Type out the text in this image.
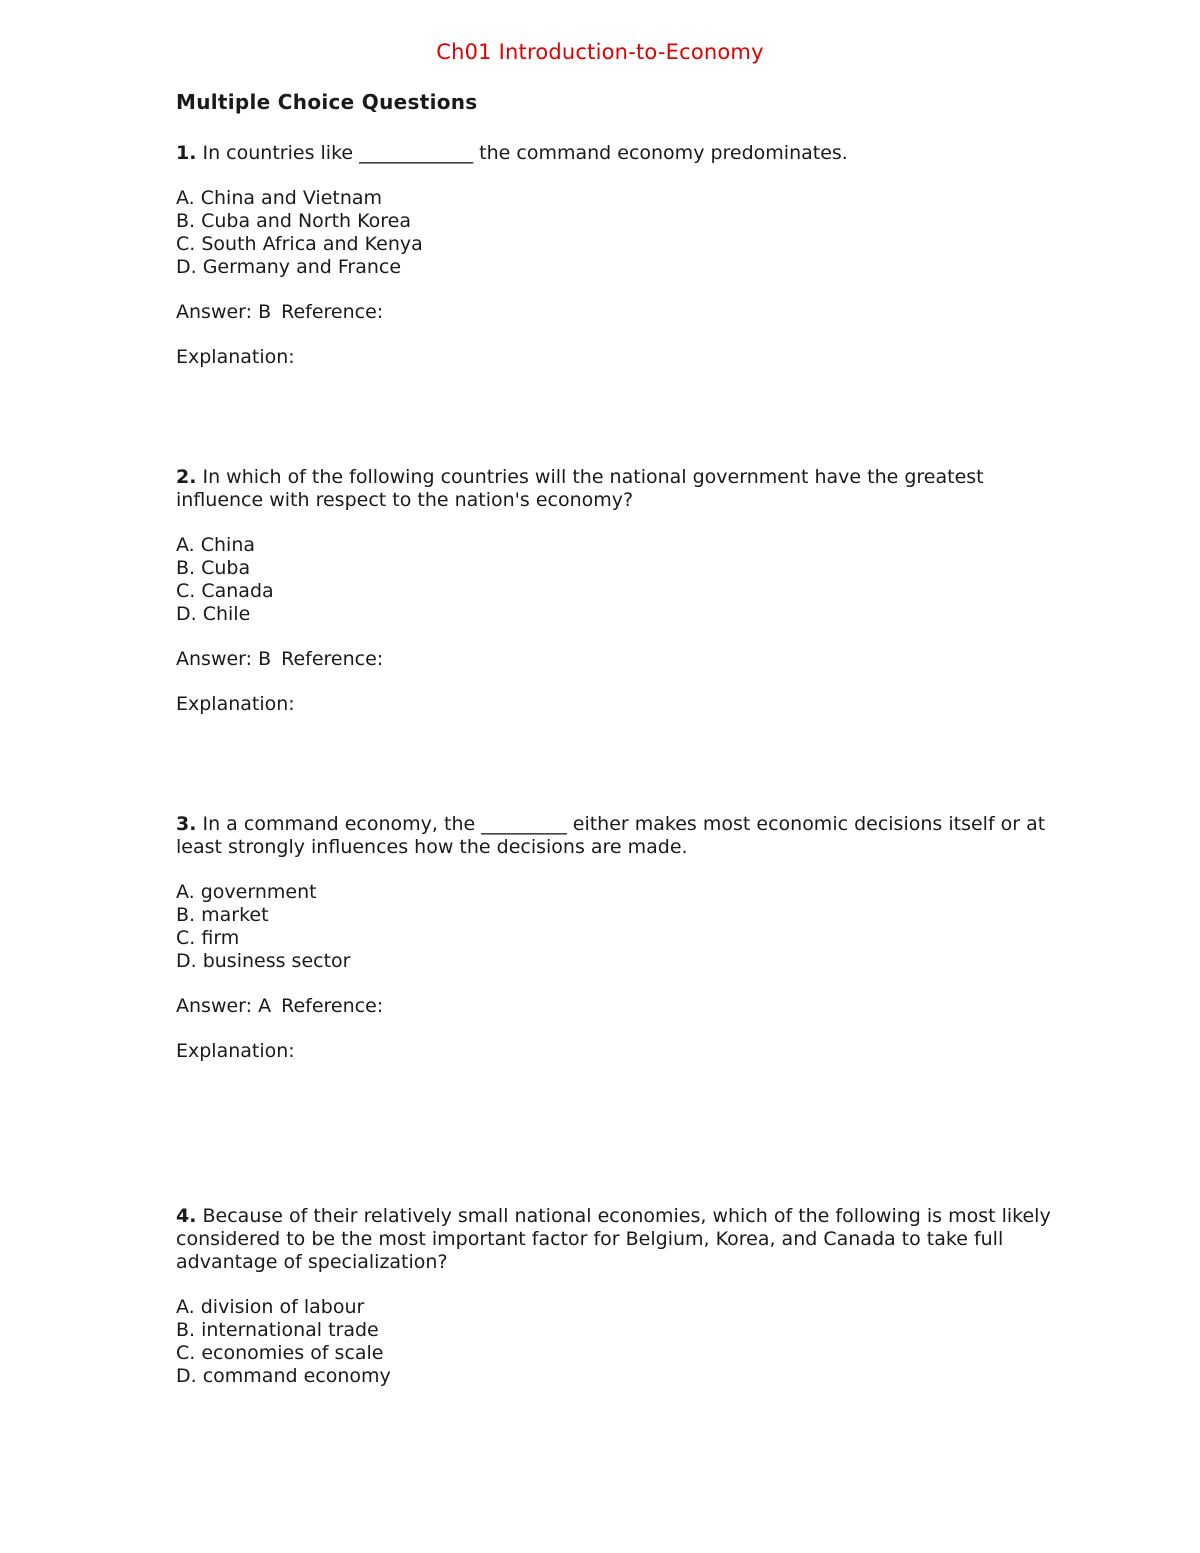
Ch01 Introduction-to-Economy
Multiple Choice Questions

1. In countries like ____________ the command economy predominates.

A. China and Vietnam
B. Cuba and North Korea
C. South Africa and Kenya
D. Germany and France
Answer: B Reference:
Explanation:

2. In which of the following countries will the national government have the greatest influence with respect to the nation's economy?

A. China
B. Cuba
C. Canada
D. Chile
Answer: B Reference:
Explanation:

3. In a command economy, the _________ either makes most economic decisions itself or at least strongly influences how the decisions are made.

A. government
B. market
C. firm
D. business sector
Answer: A Reference:
Explanation:

4. Because of their relatively small national economies, which of the following is most likely considered to be the most important factor for Belgium, Korea, and Canada to take full advantage of specialization?

A. division of labour
B. international trade
C. economies of scale
D. command economy
